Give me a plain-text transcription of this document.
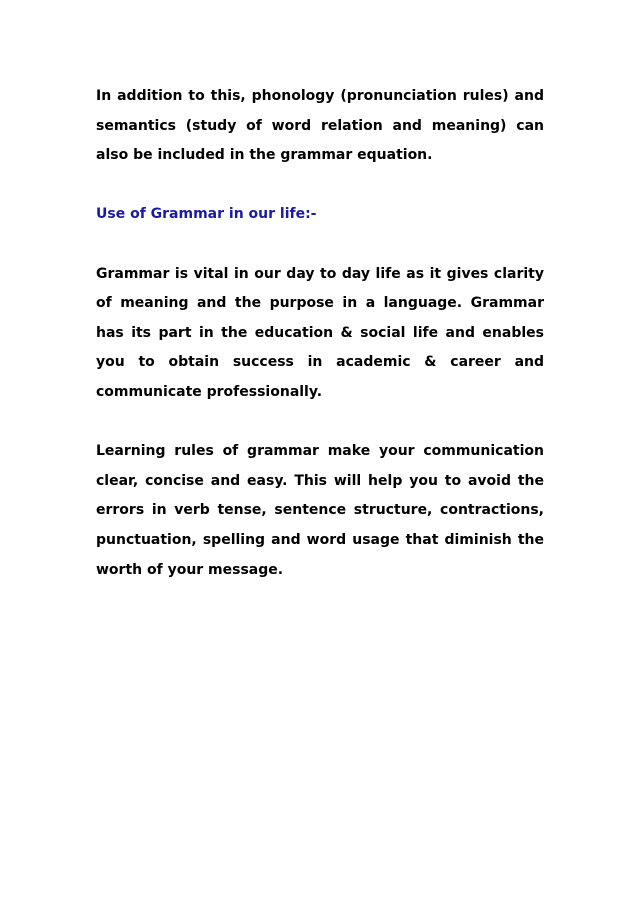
In addition to this, phonology (pronunciation rules) and semantics (study of word relation and meaning) can also be included in the grammar equation.

Use of Grammar in our life:-

Grammar is vital in our day to day life as it gives clarity of meaning and the purpose in a language. Grammar has its part in the education & social life and enables you to obtain success in academic & career and communicate professionally.

Learning rules of grammar make your communication clear, concise and easy. This will help you to avoid the errors in verb tense, sentence structure, contractions, punctuation, spelling and word usage that diminish the worth of your message.
